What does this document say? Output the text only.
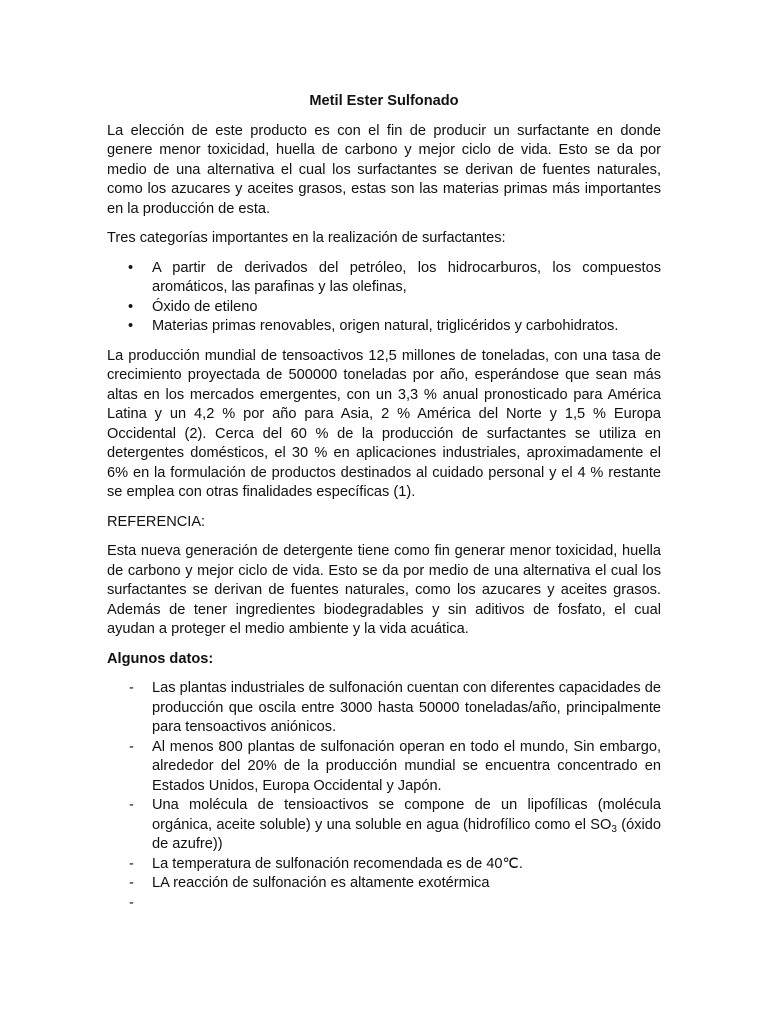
Metil Ester Sulfonado

La elección de este producto es con el fin de producir un surfactante en donde genere menor toxicidad, huella de carbono y mejor ciclo de vida. Esto se da por medio de una alternativa el cual los surfactantes se derivan de fuentes naturales, como los azucares y aceites grasos, estas son las materias primas más importantes en la producción de esta.

Tres categorías importantes en la realización de surfactantes:

• A partir de derivados del petróleo, los hidrocarburos, los compuestos aromáticos, las parafinas y las olefinas,
• Óxido de etileno
• Materias primas renovables, origen natural, triglicéridos y carbohidratos.

La producción mundial de tensoactivos 12,5 millones de toneladas, con una tasa de crecimiento proyectada de 500000 toneladas por año, esperándose que sean más altas en los mercados emergentes, con un 3,3 % anual pronosticado para América Latina y un 4,2 % por año para Asia, 2 % América del Norte y 1,5 % Europa Occidental (2). Cerca del 60 % de la producción de surfactantes se utiliza en detergentes domésticos, el 30 % en aplicaciones industriales, aproximadamente el 6% en la formulación de productos destinados al cuidado personal y el 4 % restante se emplea con otras finalidades específicas (1).

REFERENCIA:

Esta nueva generación de detergente tiene como fin generar menor toxicidad, huella de carbono y mejor ciclo de vida. Esto se da por medio de una alternativa el cual los surfactantes se derivan de fuentes naturales, como los azucares y aceites grasos. Además de tener ingredientes biodegradables y sin aditivos de fosfato, el cual ayudan a proteger el medio ambiente y la vida acuática.

Algunos datos:
- Las plantas industriales de sulfonación cuentan con diferentes capacidades de producción que oscila entre 3000 hasta 50000 toneladas/año, principalmente para tensoactivos aniónicos.
- Al menos 800 plantas de sulfonación operan en todo el mundo, Sin embargo, alrededor del 20% de la producción mundial se encuentra concentrado en Estados Unidos, Europa Occidental y Japón.
- Una molécula de tensioactivos se compone de un lipofílicas (molécula orgánica, aceite soluble) y una soluble en agua (hidrofílico como el $SO_3$ (óxido de azufre))
- La temperatura de sulfonación recomendada es de 40℃.
- LA reacción de sulfonación es altamente exotérmica
-
